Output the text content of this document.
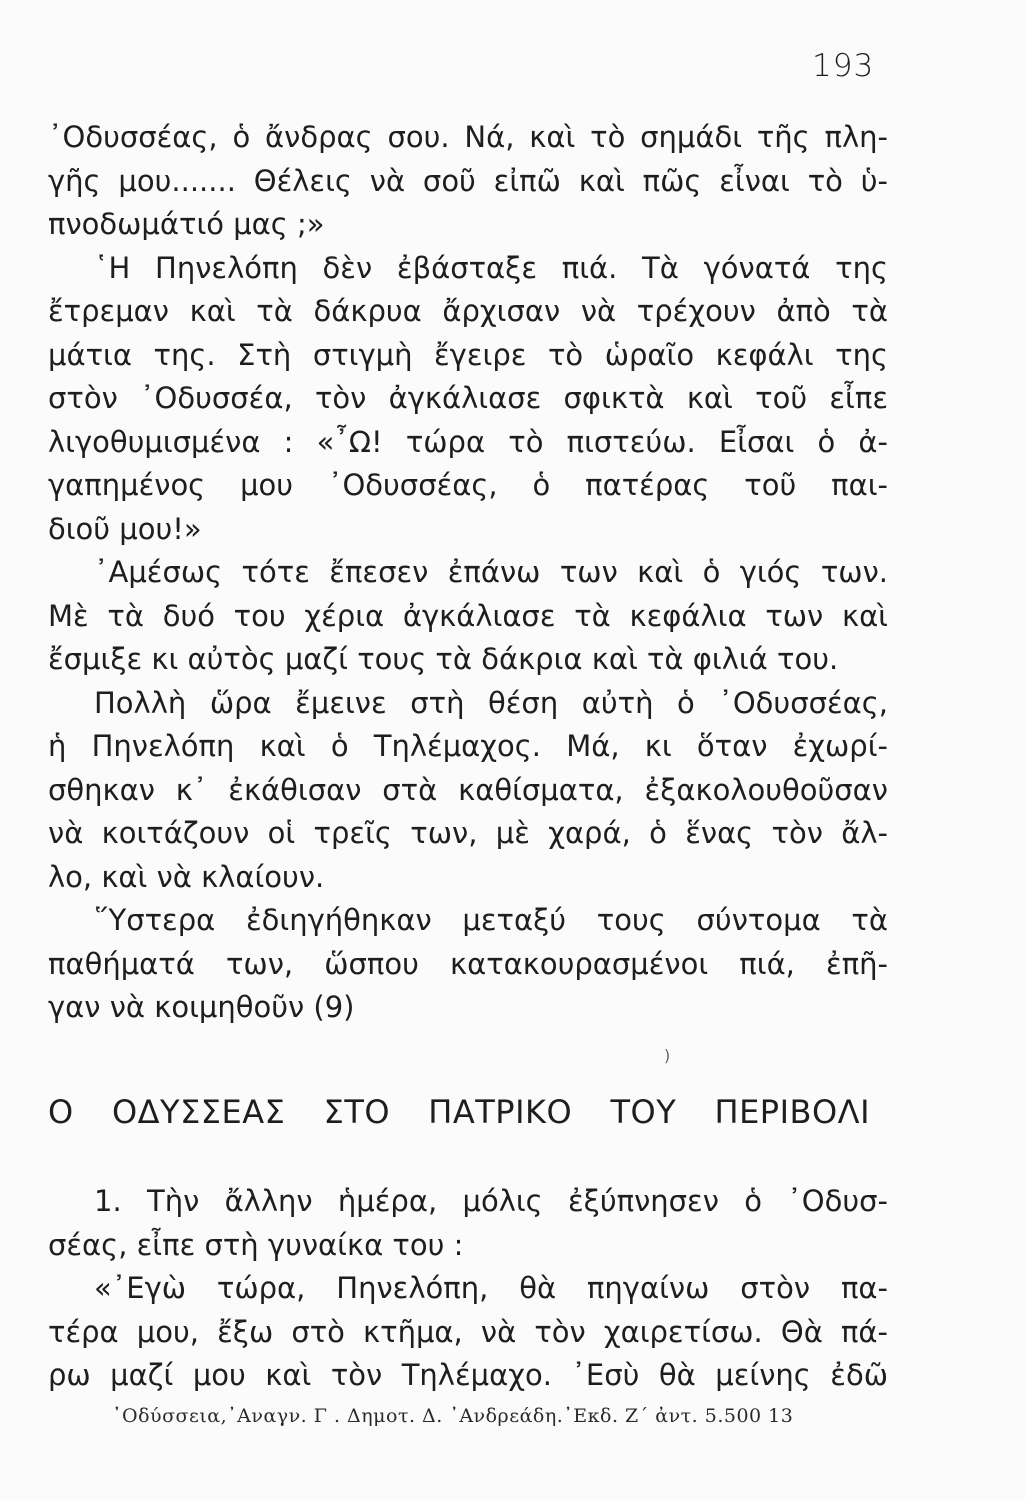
193
᾿Οδυσσέας, ὁ ἄνδρας σου. Νά, καὶ τὸ σημάδι τῆς πλη-
γῆς μου....... Θέλεις νὰ σοῦ εἰπῶ καὶ πῶς εἶναι τὸ ὑ-
πνοδωμάτιό μας ;»
῾Η Πηνελόπη δὲν ἐβάσταξε πιά. Τὰ γόνατά της
ἔτρεμαν καὶ τὰ δάκρυα ἄρχισαν νὰ τρέχουν ἀπὸ τὰ
μάτια της. Στὴ στιγμὴ ἔγειρε τὸ ὡραῖο κεφάλι της
στὸν ᾿Οδυσσέα, τὸν ἀγκάλιασε σφικτὰ καὶ τοῦ εἶπε
λιγοθυμισμένα : «῏Ω! τώρα τὸ πιστεύω. Εἶσαι ὁ ἀ-
γαπημένος μου ᾿Οδυσσέας, ὁ πατέρας τοῦ παι-
διοῦ μου!»
᾿Αμέσως τότε ἔπεσεν ἐπάνω των καὶ ὁ γιός των.
Μὲ τὰ δυό του χέρια ἀγκάλιασε τὰ κεφάλια των καὶ
ἔσμιξε κι αὐτὸς μαζί τους τὰ δάκρια καὶ τὰ φιλιά του.
Πολλὴ ὥρα ἔμεινε στὴ θέση αὐτὴ ὁ ᾿Οδυσσέας,
ἡ Πηνελόπη καὶ ὁ Τηλέμαχος. Μά, κι ὅταν ἐχωρί-
σθηκαν κ᾿ ἐκάθισαν στὰ καθίσματα, ἐξακολουθοῦσαν
νὰ κοιτάζουν οἱ τρεῖς των, μὲ χαρά, ὁ ἕνας τὸν ἄλ-
λο, καὶ νὰ κλαίουν.
῞Υστερα ἐδιηγήθηκαν μεταξύ τους σύντομα τὰ
παθήματά των, ὥσπου κατακουρασμένοι πιά, ἐπῆ-
γαν νὰ κοιμηθοῦν (9)
)
Ο ΟΔΥΣΣΕΑΣ ΣΤΟ ΠΑΤΡΙΚΟ ΤΟΥ ΠΕΡΙΒΟΛΙ
1. Τὴν ἄλλην ἡμέρα, μόλις ἐξύπνησεν ὁ ᾿Οδυσ-
σέας, εἶπε στὴ γυναίκα του :
«᾿Εγὼ τώρα, Πηνελόπη, θὰ πηγαίνω στὸν πα-
τέρα μου, ἔξω στὸ κτῆμα, νὰ τὸν χαιρετίσω. Θὰ πά-
ρω μαζί μου καὶ τὸν Τηλέμαχο. ᾿Εσὺ θὰ μείνης ἐδῶ
᾿Οδύσσεια,᾿Αναγν. Γ . Δημοτ. Δ. ᾿Ανδρεάδη.᾿Εκδ. Ζ´ ἀντ. 5.500 13
